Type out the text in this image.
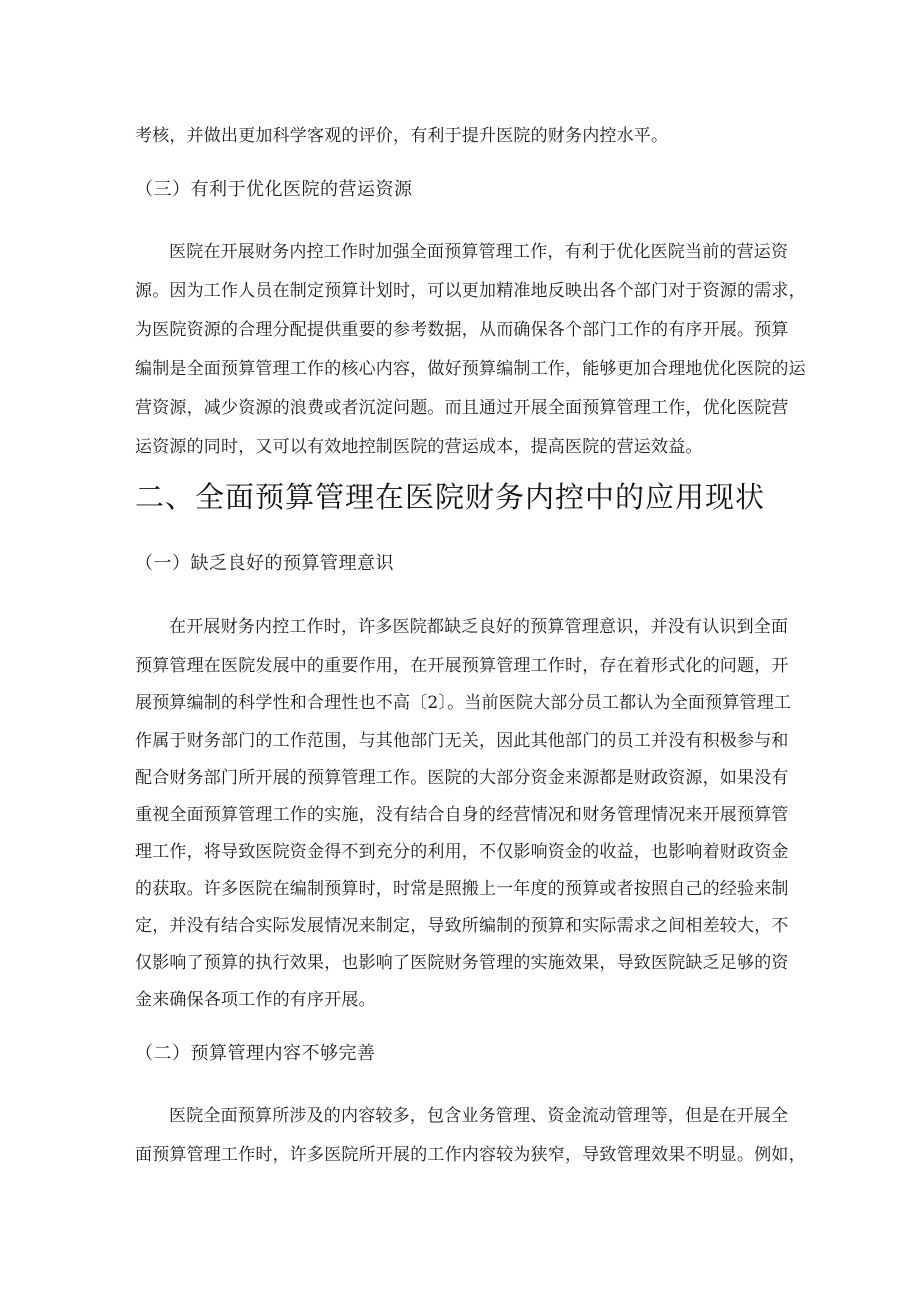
考核，并做出更加科学客观的评价，有利于提升医院的财务内控水平。
（三）有利于优化医院的营运资源
医院在开展财务内控工作时加强全面预算管理工作，有利于优化医院当前的营运资
源。因为工作人员在制定预算计划时，可以更加精准地反映出各个部门对于资源的需求，
为医院资源的合理分配提供重要的参考数据，从而确保各个部门工作的有序开展。预算
编制是全面预算管理工作的核心内容，做好预算编制工作，能够更加合理地优化医院的运
营资源，减少资源的浪费或者沉淀问题。而且通过开展全面预算管理工作，优化医院营
运资源的同时，又可以有效地控制医院的营运成本，提高医院的营运效益。
二、全面预算管理在医院财务内控中的应用现状
（一）缺乏良好的预算管理意识
在开展财务内控工作时，许多医院都缺乏良好的预算管理意识，并没有认识到全面
预算管理在医院发展中的重要作用，在开展预算管理工作时，存在着形式化的问题，开
展预算编制的科学性和合理性也不高〔2〕。当前医院大部分员工都认为全面预算管理工
作属于财务部门的工作范围，与其他部门无关，因此其他部门的员工并没有积极参与和
配合财务部门所开展的预算管理工作。医院的大部分资金来源都是财政资源，如果没有
重视全面预算管理工作的实施，没有结合自身的经营情况和财务管理情况来开展预算管
理工作，将导致医院资金得不到充分的利用，不仅影响资金的收益，也影响着财政资金
的获取。许多医院在编制预算时，时常是照搬上一年度的预算或者按照自己的经验来制
定，并没有结合实际发展情况来制定，导致所编制的预算和实际需求之间相差较大，不
仅影响了预算的执行效果，也影响了医院财务管理的实施效果，导致医院缺乏足够的资
金来确保各项工作的有序开展。
（二）预算管理内容不够完善
医院全面预算所涉及的内容较多，包含业务管理、资金流动管理等，但是在开展全
面预算管理工作时，许多医院所开展的工作内容较为狭窄，导致管理效果不明显。例如，
